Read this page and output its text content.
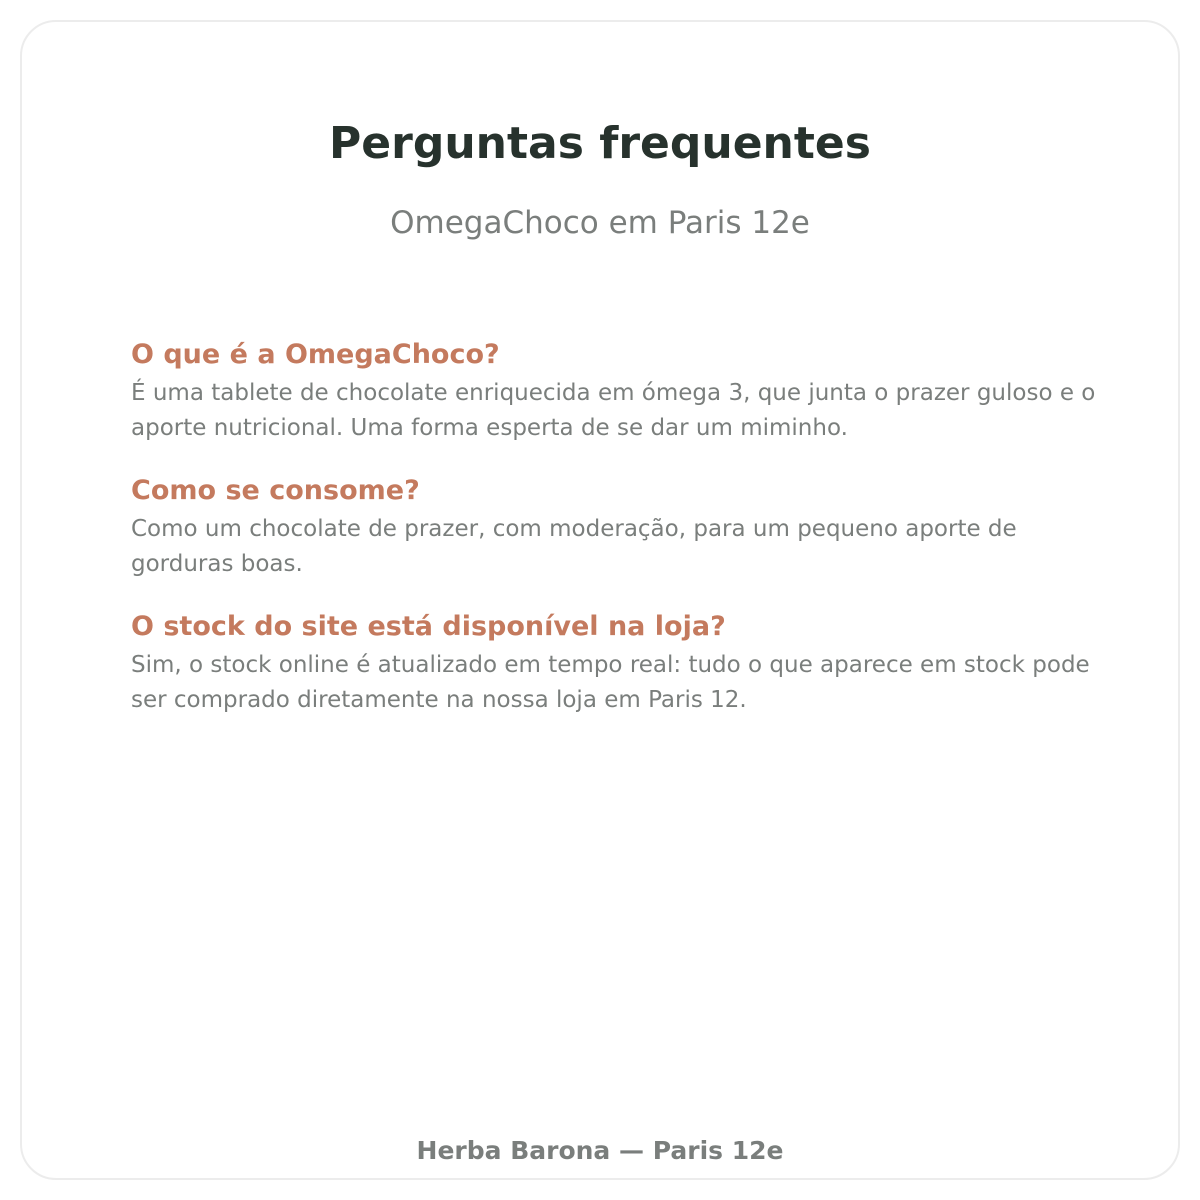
Perguntas frequentes
OmegaChoco em Paris 12e
O que é a OmegaChoco?

É uma tablete de chocolate enriquecida em ómega 3, que junta o prazer guloso e o aporte nutricional. Uma forma esperta de se dar um miminho.

Como se consome?

Como um chocolate de prazer, com moderação, para um pequeno aporte de gorduras boas.

O stock do site está disponível na loja?

Sim, o stock online é atualizado em tempo real: tudo o que aparece em stock pode ser comprado diretamente na nossa loja em Paris 12.

Herba Barona — Paris 12e
